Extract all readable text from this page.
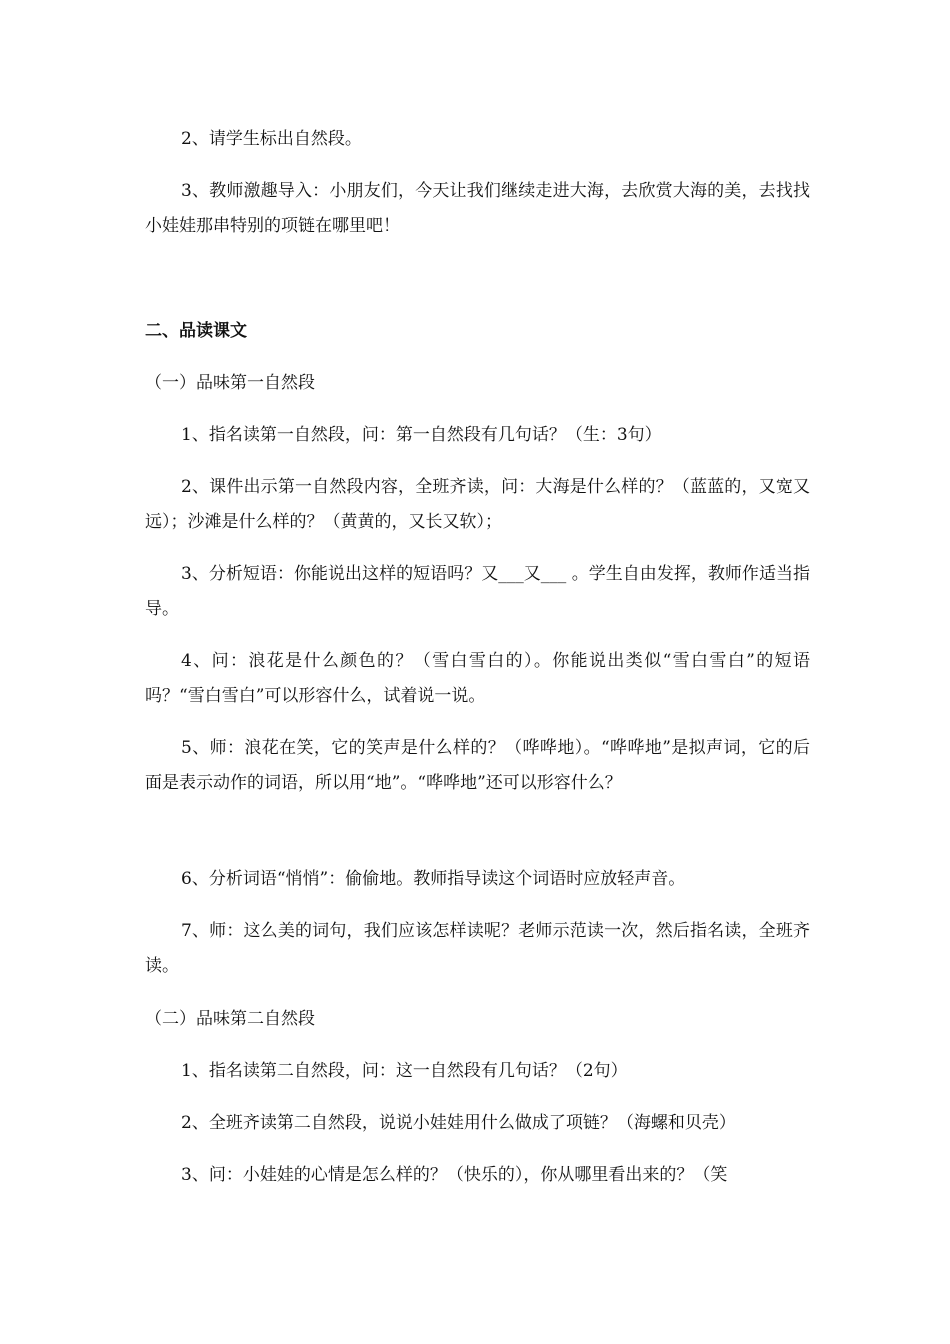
2、请学生标出自然段。

3、教师激趣导入：小朋友们，今天让我们继续走进大海，去欣赏大海的美，去找找小娃娃那串特别的项链在哪里吧！

二、品读课文

（一）品味第一自然段

1、指名读第一自然段，问：第一自然段有几句话？（生：3句）

2、课件出示第一自然段内容，全班齐读，问：大海是什么样的？（蓝蓝的，又宽又远）；沙滩是什么样的？（黄黄的，又长又软）；

3、分析短语：你能说出这样的短语吗？又___又___ 。学生自由发挥，教师作适当指导。

4、问：浪花是什么颜色的？（雪白雪白的）。你能说出类似“雪白雪白”的短语吗？“雪白雪白”可以形容什么，试着说一说。

5、师：浪花在笑，它的笑声是什么样的？（哗哗地）。“哗哗地”是拟声词，它的后面是表示动作的词语，所以用“地”。“哗哗地”还可以形容什么？

6、分析词语“悄悄”：偷偷地。教师指导读这个词语时应放轻声音。

7、师：这么美的词句，我们应该怎样读呢？老师示范读一次，然后指名读，全班齐读。

（二）品味第二自然段

1、指名读第二自然段，问：这一自然段有几句话？（2句）

2、全班齐读第二自然段，说说小娃娃用什么做成了项链？（海螺和贝壳）

3、问：小娃娃的心情是怎么样的？（快乐的），你从哪里看出来的？（笑
